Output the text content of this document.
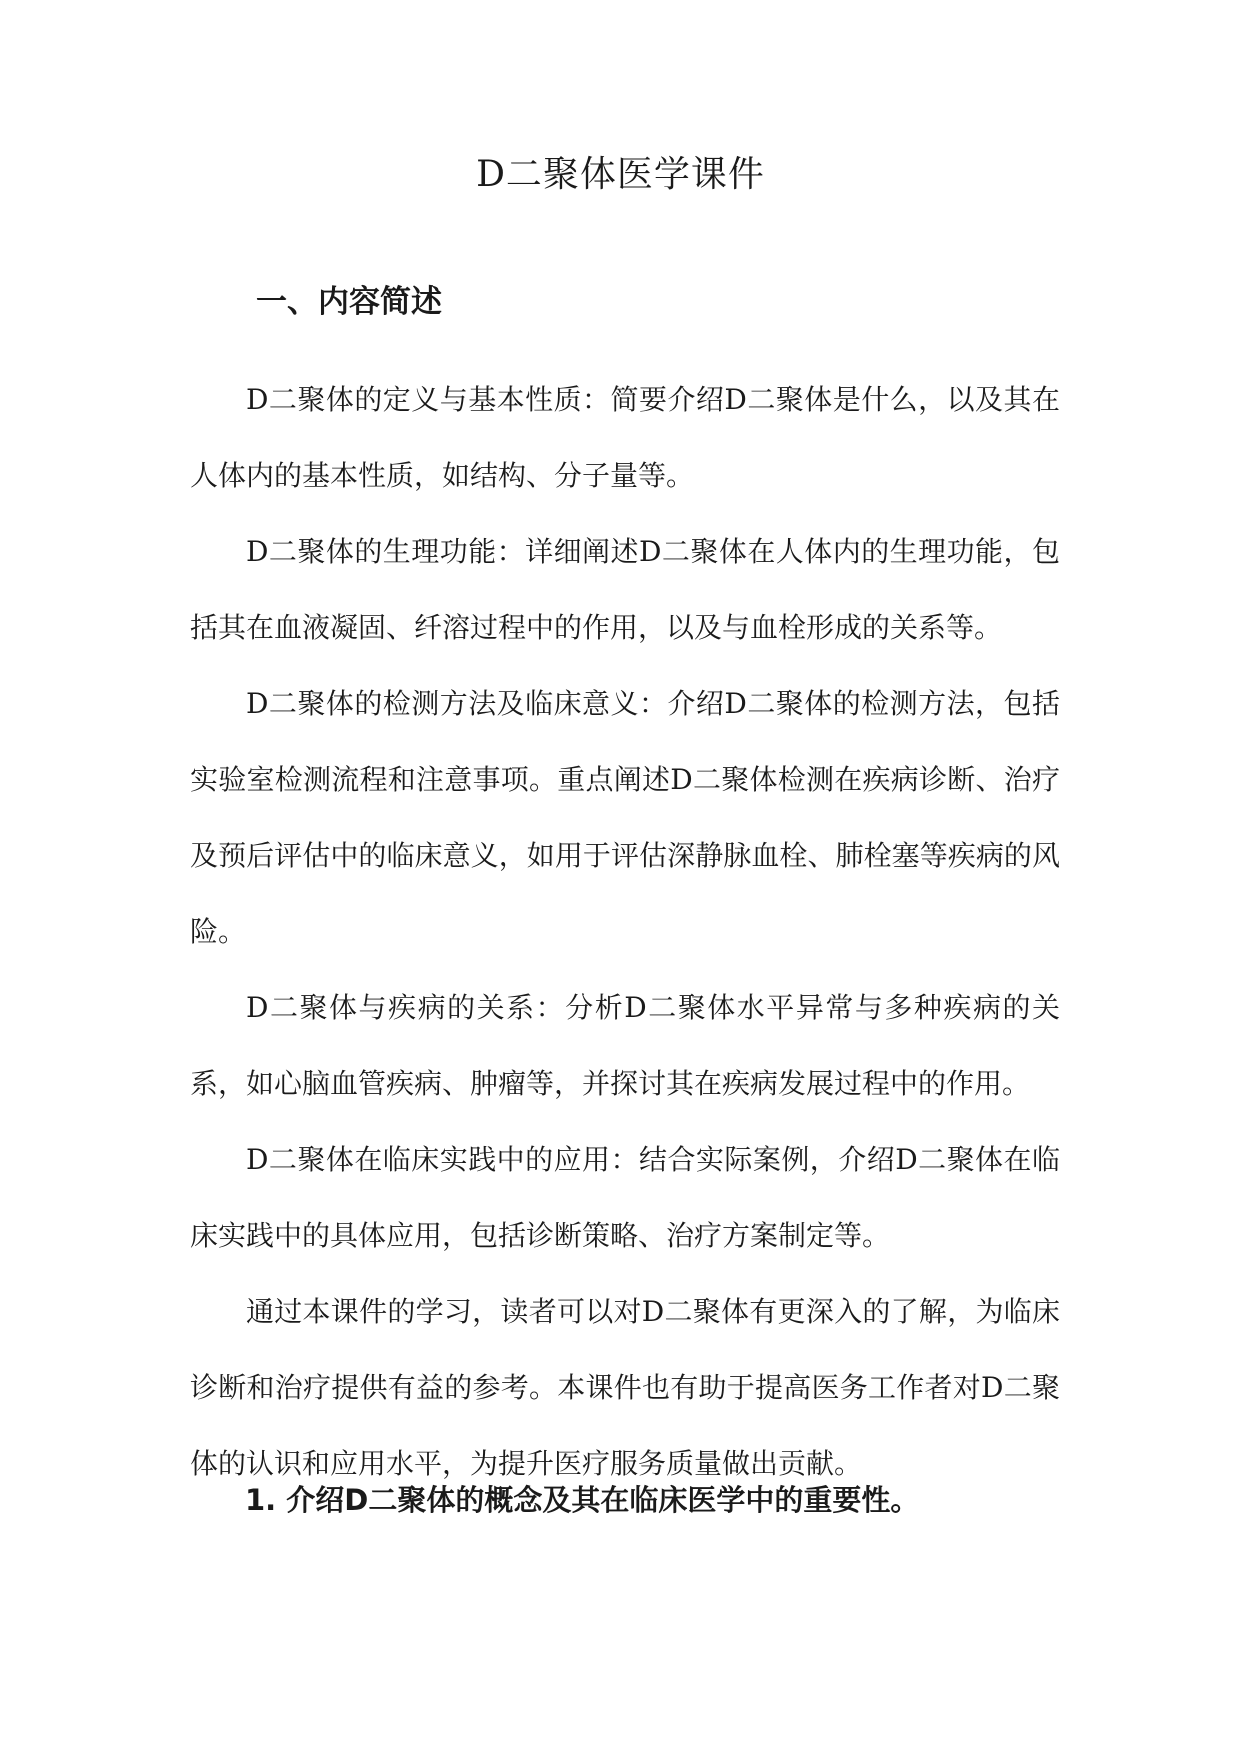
D二聚体医学课件
一、内容简述

D二聚体的定义与基本性质：简要介绍D二聚体是什么，以及其在人体内的基本性质，如结构、分子量等。

D二聚体的生理功能：详细阐述D二聚体在人体内的生理功能，包括其在血液凝固、纤溶过程中的作用，以及与血栓形成的关系等。

D二聚体的检测方法及临床意义：介绍D二聚体的检测方法，包括实验室检测流程和注意事项。重点阐述D二聚体检测在疾病诊断、治疗及预后评估中的临床意义，如用于评估深静脉血栓、肺栓塞等疾病的风险。

D二聚体与疾病的关系：分析D二聚体水平异常与多种疾病的关系，如心脑血管疾病、肿瘤等，并探讨其在疾病发展过程中的作用。

D二聚体在临床实践中的应用：结合实际案例，介绍D二聚体在临床实践中的具体应用，包括诊断策略、治疗方案制定等。

通过本课件的学习，读者可以对D二聚体有更深入的了解，为临床诊断和治疗提供有益的参考。本课件也有助于提高医务工作者对D二聚体的认识和应用水平，为提升医疗服务质量做出贡献。

1. 介绍D二聚体的概念及其在临床医学中的重要性。
